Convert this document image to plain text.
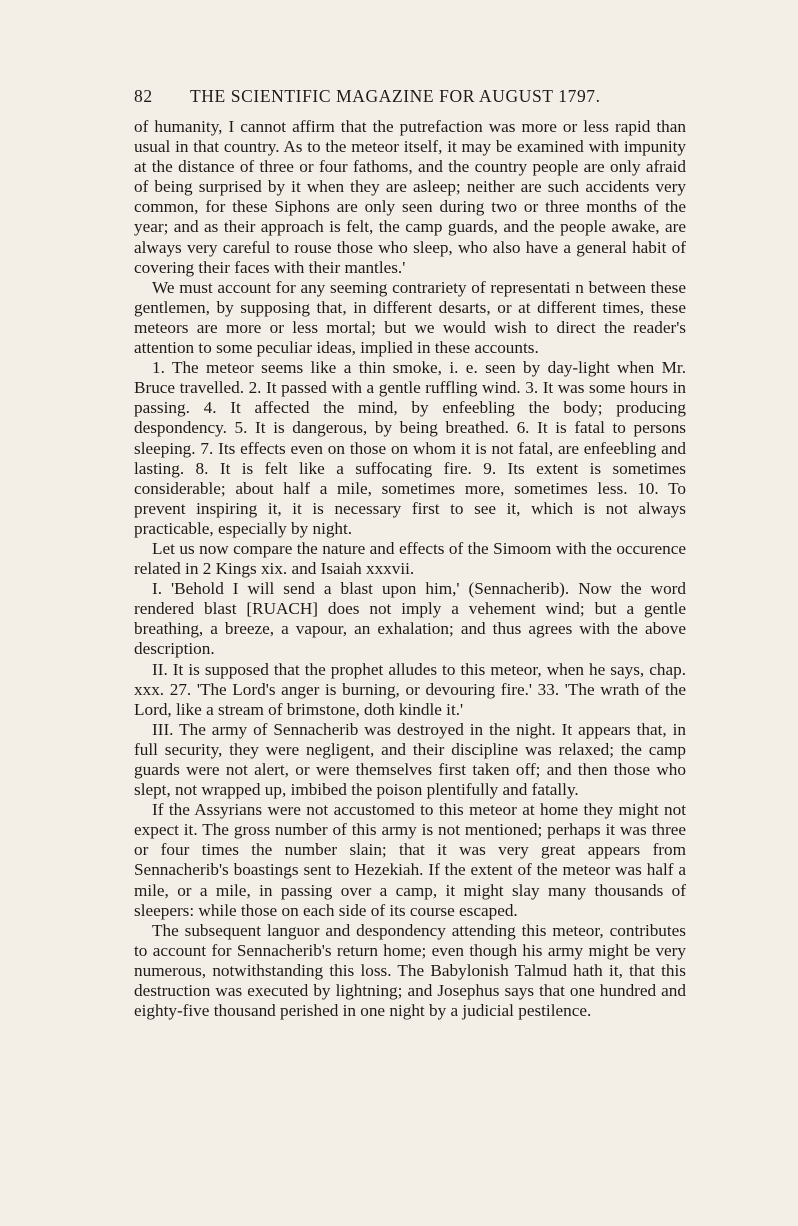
82	THE SCIENTIFIC MAGAZINE FOR AUGUST 1797.

of humanity, I cannot affirm that the putrefaction was more or less rapid than usual in that country. As to the meteor itself, it may be examined with impunity at the distance of three or four fathoms, and the country people are only afraid of being surprised by it when they are asleep; neither are such accidents very common, for these Siphons are only seen during two or three months of the year; and as their approach is felt, the camp guards, and the people awake, are always very careful to rouse those who sleep, who also have a general habit of covering their faces with their mantles.'

We must account for any seeming contrariety of representati n between these gentlemen, by supposing that, in different desarts, or at different times, these meteors are more or less mortal; but we would wish to direct the reader's attention to some peculiar ideas, implied in these accounts.

1. The meteor seems like a thin smoke, i. e. seen by day-light when Mr. Bruce travelled. 2. It passed with a gentle ruffling wind. 3. It was some hours in passing. 4. It affected the mind, by enfeebling the body; producing despondency. 5. It is dangerous, by being breathed. 6. It is fatal to persons sleeping. 7. Its effects even on those on whom it is not fatal, are enfeebling and lasting. 8. It is felt like a suffocating fire. 9. Its extent is sometimes considerable; about half a mile, sometimes more, sometimes less. 10. To prevent inspiring it, it is necessary first to see it, which is not always practicable, especially by night.

Let us now compare the nature and effects of the Simoom with the occurence related in 2 Kings xix. and Isaiah xxxvii.

I. 'Behold I will send a blast upon him,' (Sennacherib). Now the word rendered blast [RUACH] does not imply a vehement wind; but a gentle breathing, a breeze, a vapour, an exhalation; and thus agrees with the above description.

II. It is supposed that the prophet alludes to this meteor, when he says, chap. xxx. 27. 'The Lord's anger is burning, or devouring fire.' 33. 'The wrath of the Lord, like a stream of brimstone, doth kindle it.'

III. The army of Sennacherib was destroyed in the night. It appears that, in full security, they were negligent, and their discipline was relaxed; the camp guards were not alert, or were themselves first taken off; and then those who slept, not wrapped up, imbibed the poison plentifully and fatally.

If the Assyrians were not accustomed to this meteor at home they might not expect it. The gross number of this army is not mentioned; perhaps it was three or four times the number slain; that it was very great appears from Sennacherib's boastings sent to Hezekiah. If the extent of the meteor was half a mile, or a mile, in passing over a camp, it might slay many thousands of sleepers: while those on each side of its course escaped.

The subsequent languor and despondency attending this meteor, contributes to account for Sennacherib's return home; even though his army might be very numerous, notwithstanding this loss. The Babylonish Talmud hath it, that this destruction was executed by lightning; and Josephus says that one hundred and eighty-five thousand perished in one night by a judicial pestilence.
